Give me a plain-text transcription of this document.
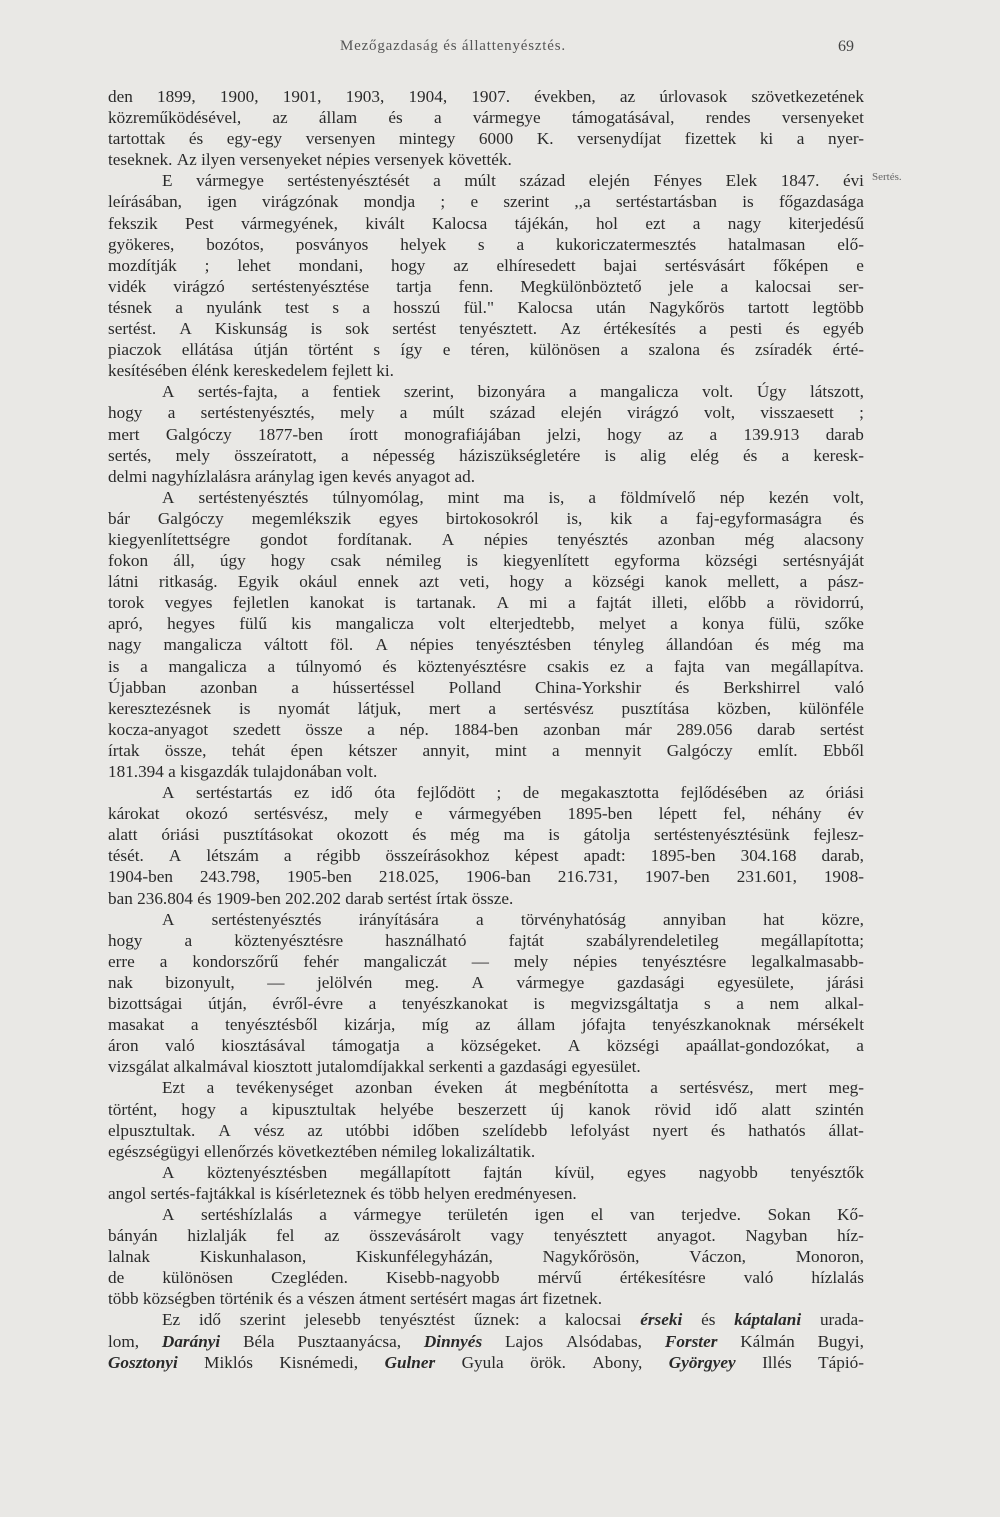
Mezőgazdaság és állattenyésztés.	69
Sertés.
den 1899, 1900, 1901, 1903, 1904, 1907. években, az úrlovasok szövetkezetének
közreműködésével, az állam és a vármegye támogatásával, rendes versenyeket
tartottak és egy-egy versenyen mintegy 6000 K. versenydíjat fizettek ki a nyer-
teseknek. Az ilyen versenyeket népies versenyek követték.
E vármegye sertéstenyésztését a múlt század elején Fényes Elek 1847. évi
leírásában, igen virágzónak mondja ; e szerint ,,a sertéstartásban is főgazdasága
fekszik Pest vármegyének, kivált Kalocsa tájékán, hol ezt a nagy kiterjedésű
gyökeres, bozótos, posványos helyek s a kukoriczatermesztés hatalmasan elő-
mozdítják ; lehet mondani, hogy az elhíresedett bajai sertésvásárt főképen e
vidék virágzó sertéstenyésztése tartja fenn. Megkülönböztető jele a kalocsai ser-
tésnek a nyulánk test s a hosszú fül." Kalocsa után Nagykőrös tartott legtöbb
sertést. A Kiskunság is sok sertést tenyésztett. Az értékesítés a pesti és egyéb
piaczok ellátása útján történt s így e téren, különösen a szalona és zsíradék érté-
kesítésében élénk kereskedelem fejlett ki.
A sertés-fajta, a fentiek szerint, bizonyára a mangalicza volt. Úgy látszott,
hogy a sertéstenyésztés, mely a múlt század elején virágzó volt, visszaesett ;
mert Galgóczy 1877-ben írott monografiájában jelzi, hogy az a 139.913 darab
sertés, mely összeíratott, a népesség háziszükségletére is alig elég és a keresk-
delmi nagyhízlalásra aránylag igen kevés anyagot ad.
A sertéstenyésztés túlnyomólag, mint ma is, a földmívelő nép kezén volt,
bár Galgóczy megemlékszik egyes birtokosokról is, kik a faj-egyformaságra és
kiegyenlítettségre gondot fordítanak. A népies tenyésztés azonban még alacsony
fokon áll, úgy hogy csak némileg is kiegyenlített egyforma községi sertésnyáját
látni ritkaság. Egyik okául ennek azt veti, hogy a községi kanok mellett, a pász-
torok vegyes fejletlen kanokat is tartanak. A mi a fajtát illeti, előbb a rövidorrú,
apró, hegyes fülű kis mangalicza volt elterjedtebb, melyet a konya fülü, szőke
nagy mangalicza váltott föl. A népies tenyésztésben tényleg állandóan és még ma
is a mangalicza a túlnyomó és köztenyésztésre csakis ez a fajta van megállapítva.
Újabban azonban a hússertéssel Polland China-Yorkshir és Berkshirrel való
keresztezésnek is nyomát látjuk, mert a sertésvész pusztítása közben, különféle
kocza-anyagot szedett össze a nép. 1884-ben azonban már 289.056 darab sertést
írtak össze, tehát épen kétszer annyit, mint a mennyit Galgóczy említ. Ebből
181.394 a kisgazdák tulajdonában volt.
A sertéstartás ez idő óta fejlődött ; de megakasztotta fejlődésében az óriási
károkat okozó sertésvész, mely e vármegyében 1895-ben lépett fel, néhány év
alatt óriási pusztításokat okozott és még ma is gátolja sertéstenyésztésünk fejlesz-
tését. A létszám a régibb összeírásokhoz képest apadt: 1895-ben 304.168 darab,
1904-ben 243.798, 1905-ben 218.025, 1906-ban 216.731, 1907-ben 231.601, 1908-
ban 236.804 és 1909-ben 202.202 darab sertést írtak össze.
A sertéstenyésztés irányítására a törvényhatóság annyiban hat közre,
hogy a köztenyésztésre használható fajtát szabályrendeletileg megállapította;
erre a kondorszőrű fehér mangaliczát — mely népies tenyésztésre legalkalmasabb-
nak bizonyult, — jelölvén meg. A vármegye gazdasági egyesülete, járási
bizottságai útján, évről-évre a tenyészkanokat is megvizsgáltatja s a nem alkal-
masakat a tenyésztésből kizárja, míg az állam jófajta tenyészkanoknak mérsékelt
áron való kiosztásával támogatja a községeket. A községi apaállat-gondozókat, a
vizsgálat alkalmával kiosztott jutalomdíjakkal serkenti a gazdasági egyesület.
Ezt a tevékenységet azonban éveken át megbénította a sertésvész, mert meg-
történt, hogy a kipusztultak helyébe beszerzett új kanok rövid idő alatt szintén
elpusztultak. A vész az utóbbi időben szelídebb lefolyást nyert és hathatós állat-
egészségügyi ellenőrzés következtében némileg lokalizáltatik.
A köztenyésztésben megállapított fajtán kívül, egyes nagyobb tenyésztők
angol sertés-fajtákkal is kísérleteznek és több helyen eredményesen.
A sertéshízlalás a vármegye területén igen el van terjedve. Sokan Kő-
bányán hizlalják fel az összevásárolt vagy tenyésztett anyagot. Nagyban híz-
lalnak	Kiskunhalason,	Kiskunfélegyházán,	Nagykőrösön,	Váczon,	Monoron,
de különösen Czegléden. Kisebb-nagyobb mérvű értékesítésre való hízlalás
több községben történik és a vészen átment sertésért magas árt fizetnek.
Ez idő szerint jelesebb tenyésztést űznek: a kalocsai érseki és káptalani urada-
lom, Darányi Béla Pusztaanyácsa, Dinnyés Lajos Alsódabas, Forster Kálmán Bugyi,
Gosztonyi Miklós Kisnémedi, Gulner Gyula örök. Abony, Györgyey Illés Tápió-
